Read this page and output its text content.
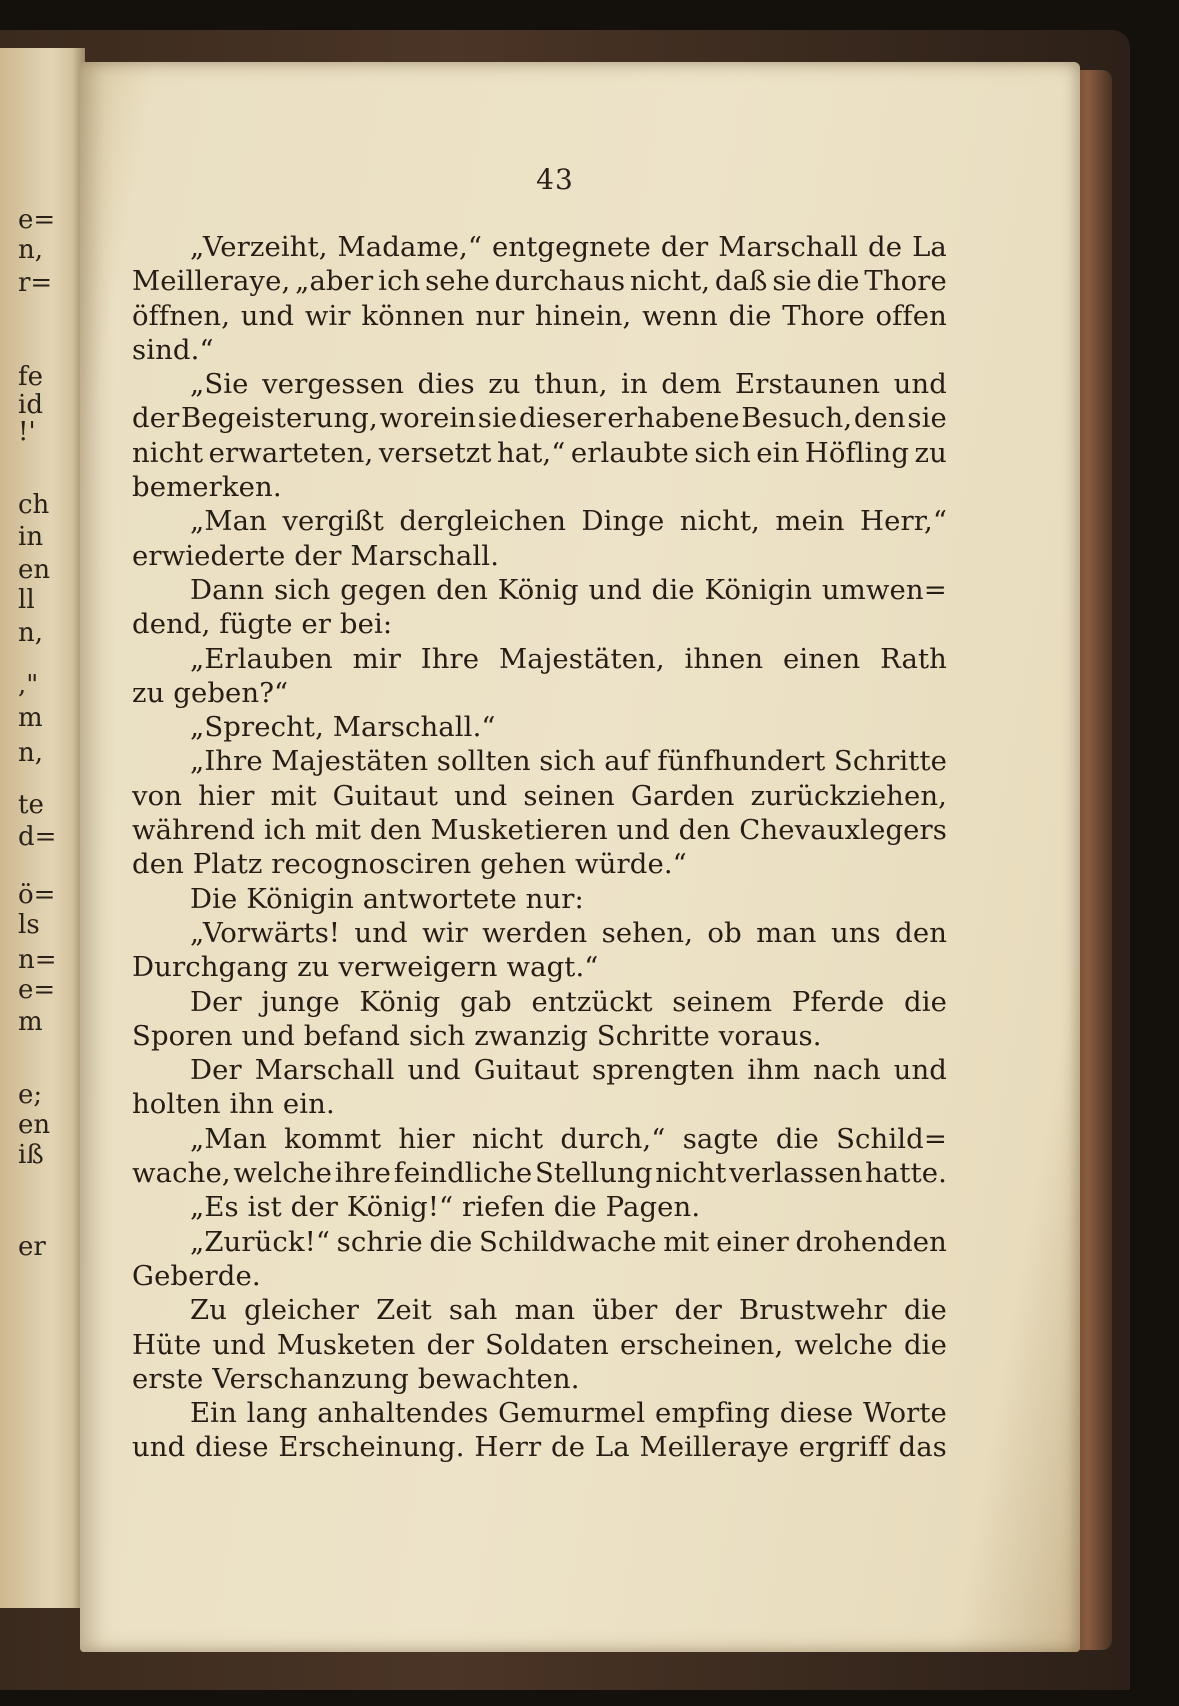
e=
n,
r=
fe
id
!'
ch
in
en
ll
n,
,"
m
n,
te
d=
ö=
ls
n=
e=
m
e;
en
iß
er
43
„Verzeiht, Madame,“ entgegnete der Marschall de La
Meilleraye, „aber ich sehe durchaus nicht, daß sie die Thore
öffnen, und wir können nur hinein, wenn die Thore offen
sind.“
„Sie vergessen dies zu thun, in dem Erstaunen und
der Begeisterung, worein sie dieser erhabene Besuch, den sie
nicht erwarteten, versetzt hat,“ erlaubte sich ein Höfling zu
bemerken.
„Man vergißt dergleichen Dinge nicht, mein Herr,“
erwiederte der Marschall.
Dann sich gegen den König und die Königin umwen=
dend, fügte er bei:
„Erlauben mir Ihre Majestäten, ihnen einen Rath
zu geben?“
„Sprecht, Marschall.“
„Ihre Majestäten sollten sich auf fünfhundert Schritte
von hier mit Guitaut und seinen Garden zurückziehen,
während ich mit den Musketieren und den Chevauxlegers
den Platz recognosciren gehen würde.“
Die Königin antwortete nur:
„Vorwärts! und wir werden sehen, ob man uns den
Durchgang zu verweigern wagt.“
Der junge König gab entzückt seinem Pferde die
Sporen und befand sich zwanzig Schritte voraus.
Der Marschall und Guitaut sprengten ihm nach und
holten ihn ein.
„Man kommt hier nicht durch,“ sagte die Schild=
wache, welche ihre feindliche Stellung nicht verlassen hatte.
„Es ist der König!“ riefen die Pagen.
„Zurück!“ schrie die Schildwache mit einer drohenden
Geberde.
Zu gleicher Zeit sah man über der Brustwehr die
Hüte und Musketen der Soldaten erscheinen, welche die
erste Verschanzung bewachten.
Ein lang anhaltendes Gemurmel empfing diese Worte
und diese Erscheinung. Herr de La Meilleraye ergriff das
